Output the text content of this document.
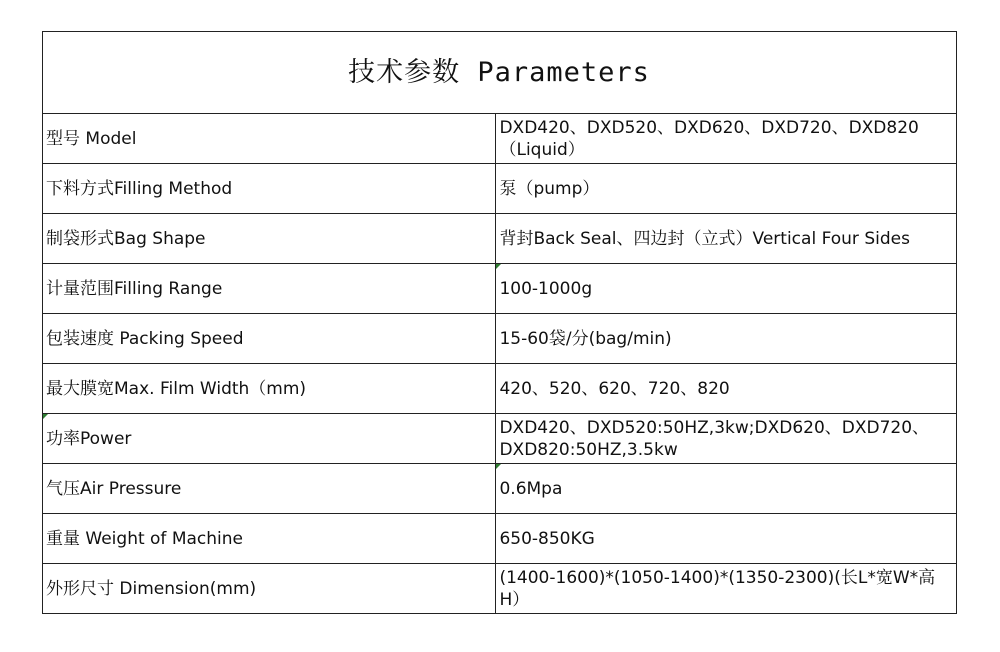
技术参数 Parameters	
型号 Model	DXD420、DXD520、DXD620、DXD720、DXD820（Liquid）
下料方式Filling Method	泵（pump）
制袋形式Bag Shape	背封Back Seal、四边封（立式）Vertical Four Sides
计量范围Filling Range	100-1000g
包装速度 Packing Speed	15-60袋/分(bag/min)
最大膜宽Max. Film Width（mm)	420、520、620、720、820

功率Power	DXD420、DXD520:50HZ,3kw;DXD620、DXD720、DXD820:50HZ,3.5kw
气压Air Pressure	0.6Mpa
重量 Weight of Machine	650-850KG
外形尺寸 Dimension(mm)	(1400-1600)*(1050-1400)*(1350-2300)(长L*宽W*高H）
